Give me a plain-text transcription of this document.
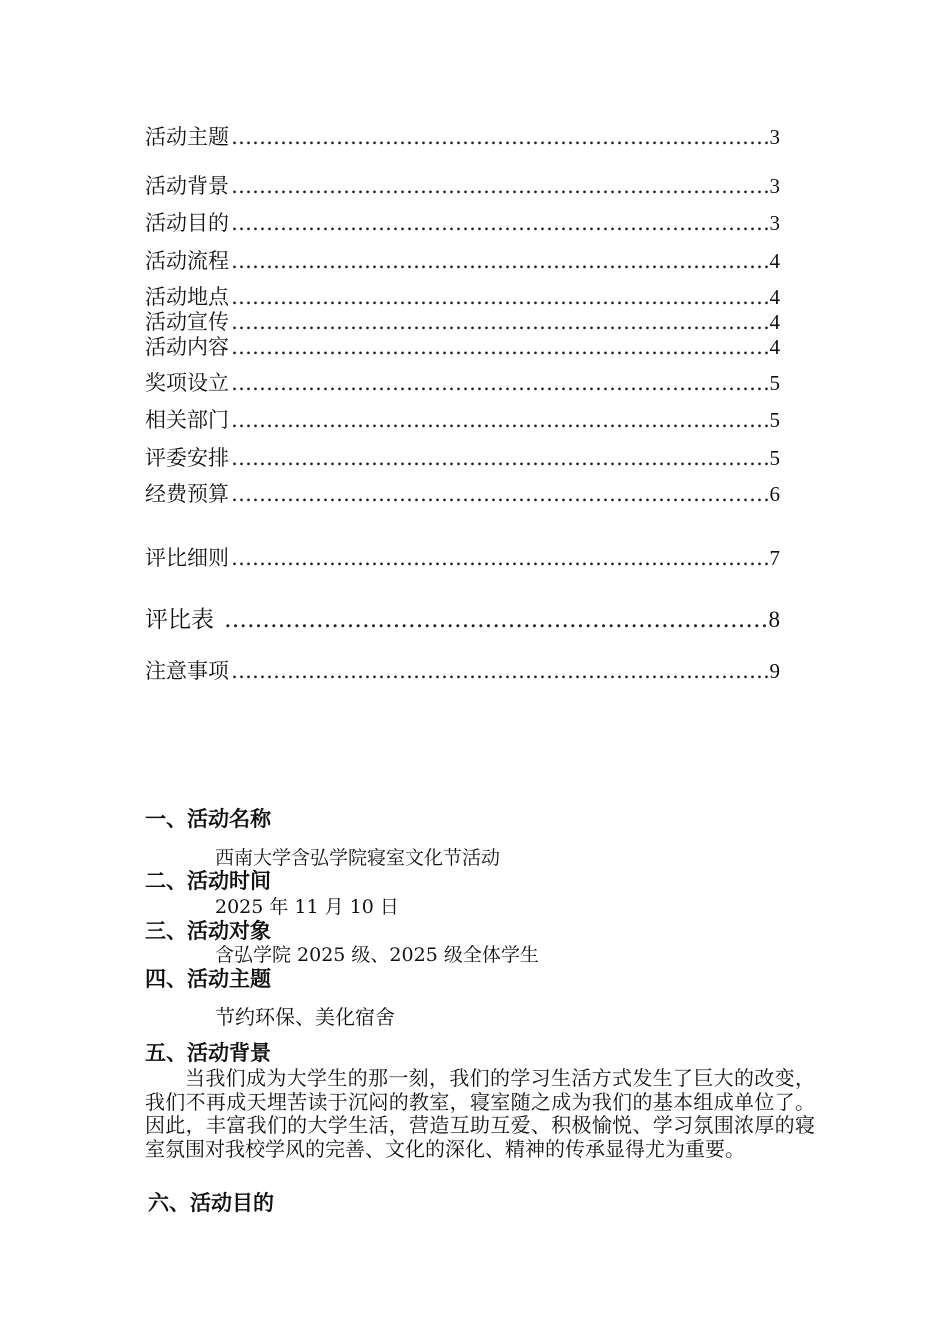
活动主题 …………………………………………………………………………………………………………………………………………	3
活动背景 …………………………………………………………………………………………………………………………………………	3
活动目的 …………………………………………………………………………………………………………………………………………	3
活动流程 …………………………………………………………………………………………………………………………………………	4
活动地点 …………………………………………………………………………………………………………………………………………	4
活动宣传 …………………………………………………………………………………………………………………………………………	4
活动内容 …………………………………………………………………………………………………………………………………………	4
奖项设立 …………………………………………………………………………………………………………………………………………	5
相关部门 …………………………………………………………………………………………………………………………………………	5
评委安排 …………………………………………………………………………………………………………………………………………	5
经费预算 …………………………………………………………………………………………………………………………………………	6
评比细则 …………………………………………………………………………………………………………………………………………	7
评比表 …………………………………………………………………………………………………………………………………………	8
注意事项 …………………………………………………………………………………………………………………………………………	9
一、活动名称
西南大学含弘学院寝室文化节活动
二、活动时间
2025 年 11 月 10 日
三、活动对象
含弘学院 2025 级、2025 级全体学生
四、活动主题
节约环保、美化宿舍
五、活动背景
当我们成为大学生的那一刻，我们的学习生活方式发生了巨大的改变，我们不再成天埋苦读于沉闷的教室，寝室随之成为我们的基本组成单位了。因此，丰富我们的大学生活，营造互助互爱、积极愉悦、学习氛围浓厚的寝室氛围对我校学风的完善、文化的深化、精神的传承显得尤为重要。
六、活动目的
